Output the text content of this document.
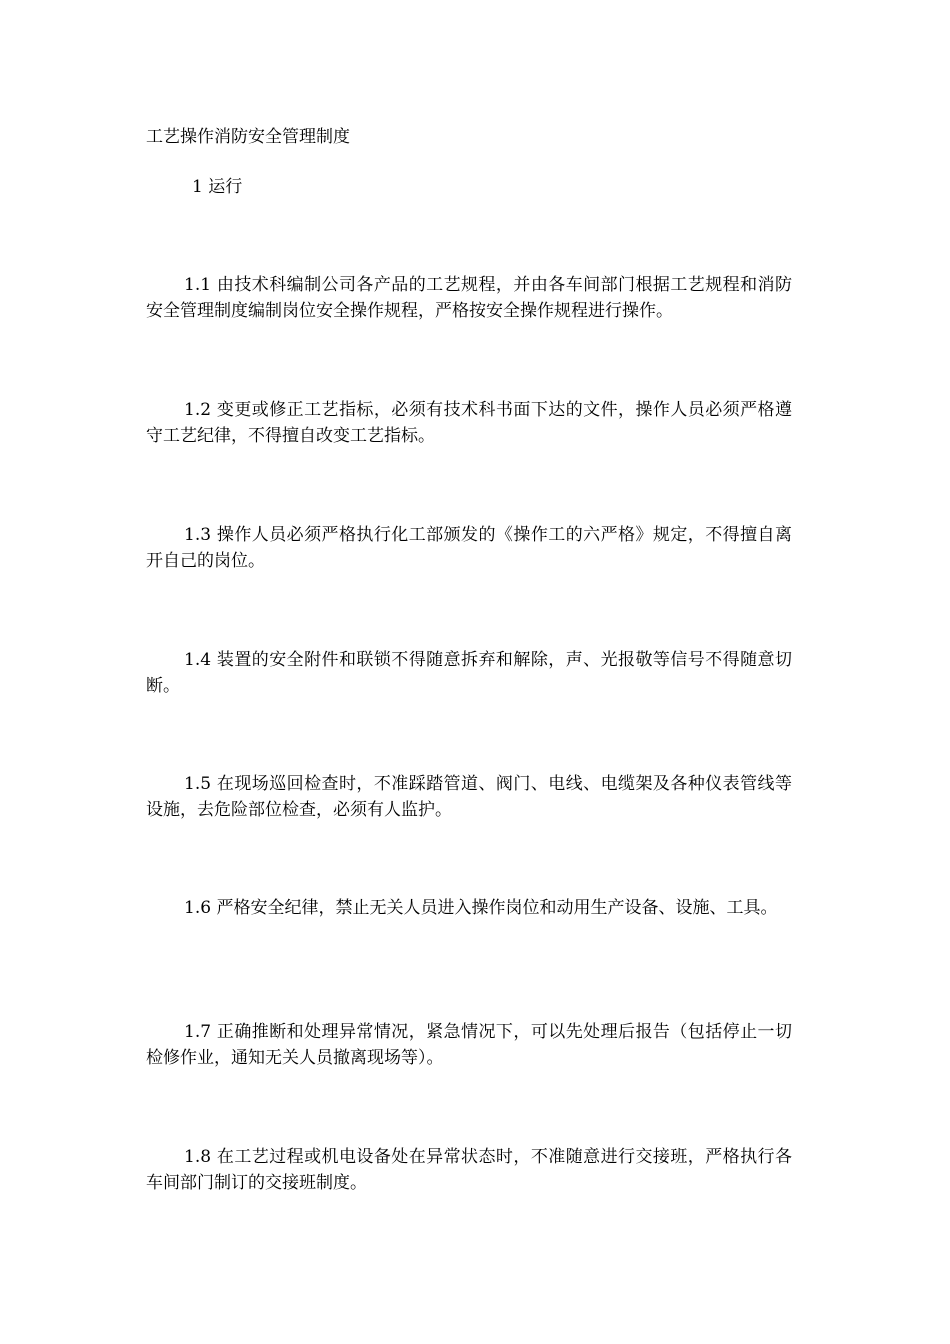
工艺操作消防安全管理制度
1 运行

1.1 由技术科编制公司各产品的工艺规程，并由各车间部门根据工艺规程和消防安全管理制度编制岗位安全操作规程，严格按安全操作规程进行操作。

1.2 变更或修正工艺指标，必须有技术科书面下达的文件，操作人员必须严格遵守工艺纪律，不得擅自改变工艺指标。

1.3 操作人员必须严格执行化工部颁发的《操作工的六严格》规定，不得擅自离开自己的岗位。

1.4 装置的安全附件和联锁不得随意拆弃和解除，声、光报敬等信号不得随意切断。

1.5 在现场巡回检查时，不准踩踏管道、阀门、电线、电缆架及各种仪表管线等设施，去危险部位检查，必须有人监护。

1.6 严格安全纪律，禁止无关人员进入操作岗位和动用生产设备、设施、工具。

1.7 正确推断和处理异常情况，紧急情况下，可以先处理后报告（包括停止一切检修作业，通知无关人员撤离现场等）。

1.8 在工艺过程或机电设备处在异常状态时，不准随意进行交接班，严格执行各车间部门制订的交接班制度。
